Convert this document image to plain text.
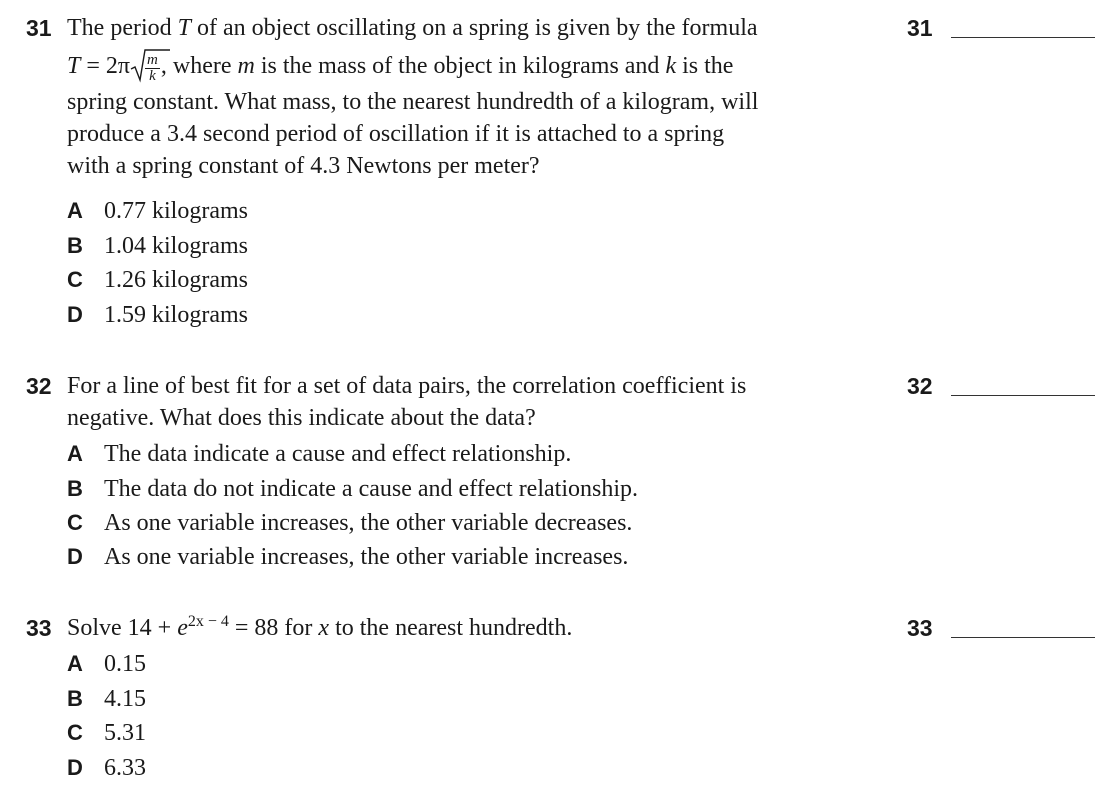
31 The period T of an object oscillating on a spring is given by the formula
$T = 2\pi \frac{m}{k}$ , where m is the mass of the object in kilograms and k is the
spring constant. What mass, to the nearest hundredth of a kilogram, will
produce a 3.4 second period of oscillation if it is attached to a spring
with a spring constant of 4.3 Newtons per meter?
A 0.77 kilograms
B 1.04 kilograms
C 1.26 kilograms
D 1.59 kilograms
31
32 For a line of best fit for a set of data pairs, the correlation coefficient is
negative. What does this indicate about the data?
A The data indicate a cause and effect relationship.
B The data do not indicate a cause and effect relationship.
C As one variable increases, the other variable decreases.
D As one variable increases, the other variable increases.
32
33 Solve $14 + e^{2x - 4} = 88$ for x to the nearest hundredth.
A 0.15
B 4.15
C 5.31
D 6.33
33
